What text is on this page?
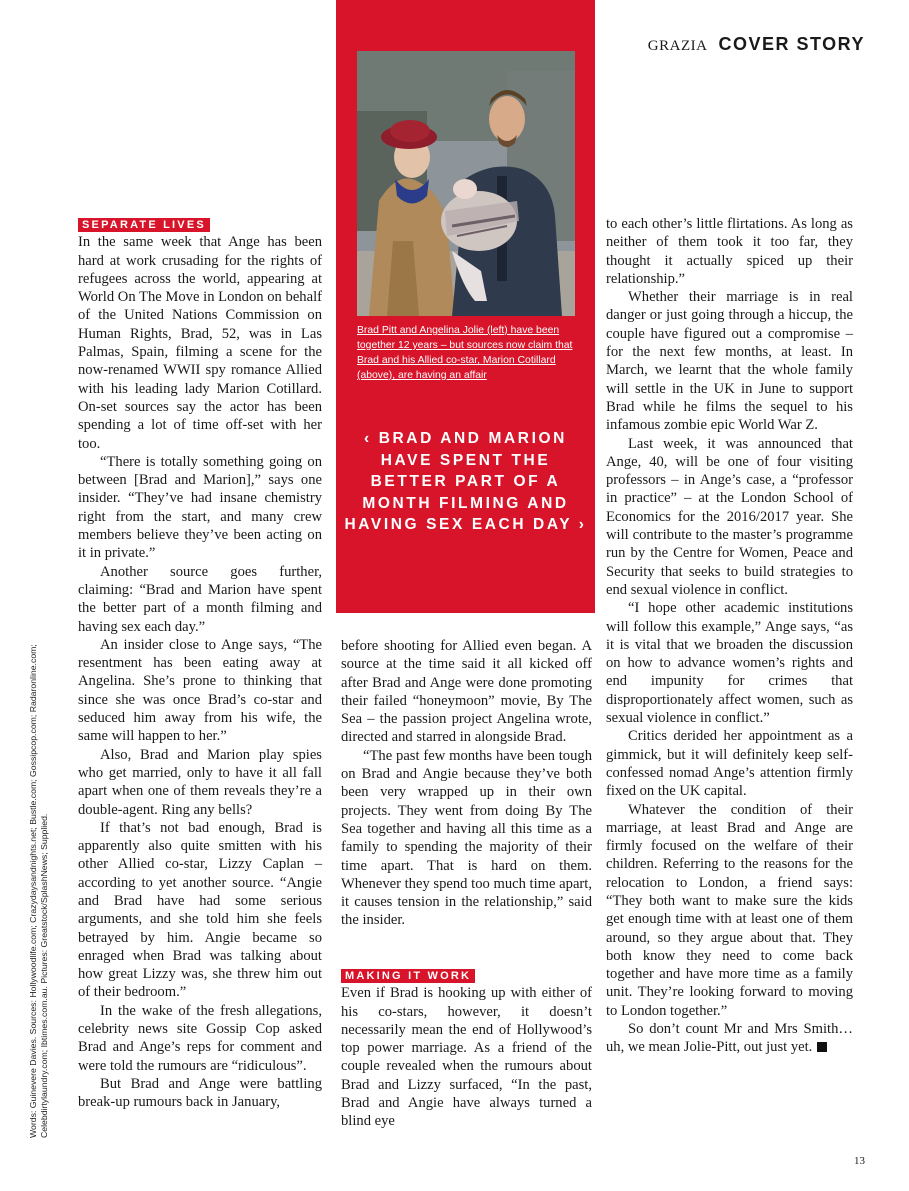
GRAZIA COVER STORY
Brad Pitt and Angelina Jolie (left) have been together 12 years – but sources now claim that Brad and his Allied co-star, Marion Cotillard (above), are having an affair
‹ BRAD AND MARION HAVE SPENT THE BETTER PART OF A MONTH FILMING AND HAVING SEX EACH DAY ›
SEPARATE LIVES

In the same week that Ange has been hard at work crusading for the rights of refugees across the world, appearing at World On The Move in London on behalf of the United Nations Commission on Human Rights, Brad, 52, was in Las Palmas, Spain, filming a scene for the now-renamed WWII spy romance Allied with his leading lady Marion Cotillard. On-set sources say the actor has been spending a lot of time off-set with her too.

“There is totally something going on between [Brad and Marion],” says one insider. “They’ve had insane chemistry right from the start, and many crew members believe they’ve been acting on it in private.”

Another source goes further, claiming: “Brad and Marion have spent the better part of a month filming and having sex each day.”

An insider close to Ange says, “The resentment has been eating away at Angelina. She’s prone to thinking that since she was once Brad’s co-star and seduced him away from his wife, the same will happen to her.”

Also, Brad and Marion play spies who get married, only to have it all fall apart when one of them reveals they’re a double-agent. Ring any bells?

If that’s not bad enough, Brad is apparently also quite smitten with his other Allied co-star, Lizzy Caplan – according to yet another source. “Angie and Brad have had some serious arguments, and she told him she feels betrayed by him. Angie became so enraged when Brad was talking about how great Lizzy was, she threw him out of their bedroom.”

In the wake of the fresh allegations, celebrity news site Gossip Cop asked Brad and Ange’s reps for comment and were told the rumours are “ridiculous”.

But Brad and Ange were battling break-up rumours back in January,

before shooting for Allied even began. A source at the time said it all kicked off after Brad and Ange were done promoting their failed “honeymoon” movie, By The Sea – the passion project Angelina wrote, directed and starred in alongside Brad.

“The past few months have been tough on Brad and Angie because they’ve both been very wrapped up in their own projects. They went from doing By The Sea together and having all this time as a family to spending the majority of their time apart. That is hard on them. Whenever they spend too much time apart, it causes tension in the relationship,” said the insider.

MAKING IT WORK

Even if Brad is hooking up with either of his co-stars, however, it doesn’t necessarily mean the end of Hollywood’s top power marriage. As a friend of the couple revealed when the rumours about Brad and Lizzy surfaced, “In the past, Brad and Angie have always turned a blind eye

to each other’s little flirtations. As long as neither of them took it too far, they thought it actually spiced up their relationship.”

Whether their marriage is in real danger or just going through a hiccup, the couple have figured out a compromise – for the next few months, at least. In March, we learnt that the whole family will settle in the UK in June to support Brad while he films the sequel to his infamous zombie epic World War Z.

Last week, it was announced that Ange, 40, will be one of four visiting professors – in Ange’s case, a “professor in practice” – at the London School of Economics for the 2016/2017 year. She will contribute to the master’s programme run by the Centre for Women, Peace and Security that seeks to build strategies to end sexual violence in conflict.

“I hope other academic institutions will follow this example,” Ange says, “as it is vital that we broaden the discussion on how to advance women’s rights and end impunity for crimes that disproportionately affect women, such as sexual violence in conflict.”

Critics derided her appointment as a gimmick, but it will definitely keep self-confessed nomad Ange’s attention firmly fixed on the UK capital.

Whatever the condition of their marriage, at least Brad and Ange are firmly focused on the welfare of their children. Referring to the reasons for the relocation to London, a friend says: “They both want to make sure the kids get enough time with at least one of them around, so they argue about that. They both know they need to come back together and have more time as a family unit. They’re looking forward to moving to London together.”

So don’t count Mr and Mrs Smith… uh, we mean Jolie-Pitt, out just yet.

Words: Guinevere Davies. Sources: Hollywoodlife.com; Crazydaysandnights.net; Bustle.com; Gossipcop.com; Radaronline.com; Celebdirtylaundry.com; Ibtimes.com.au. Pictures: Greatstock/SplashNews; Supplied.
13
